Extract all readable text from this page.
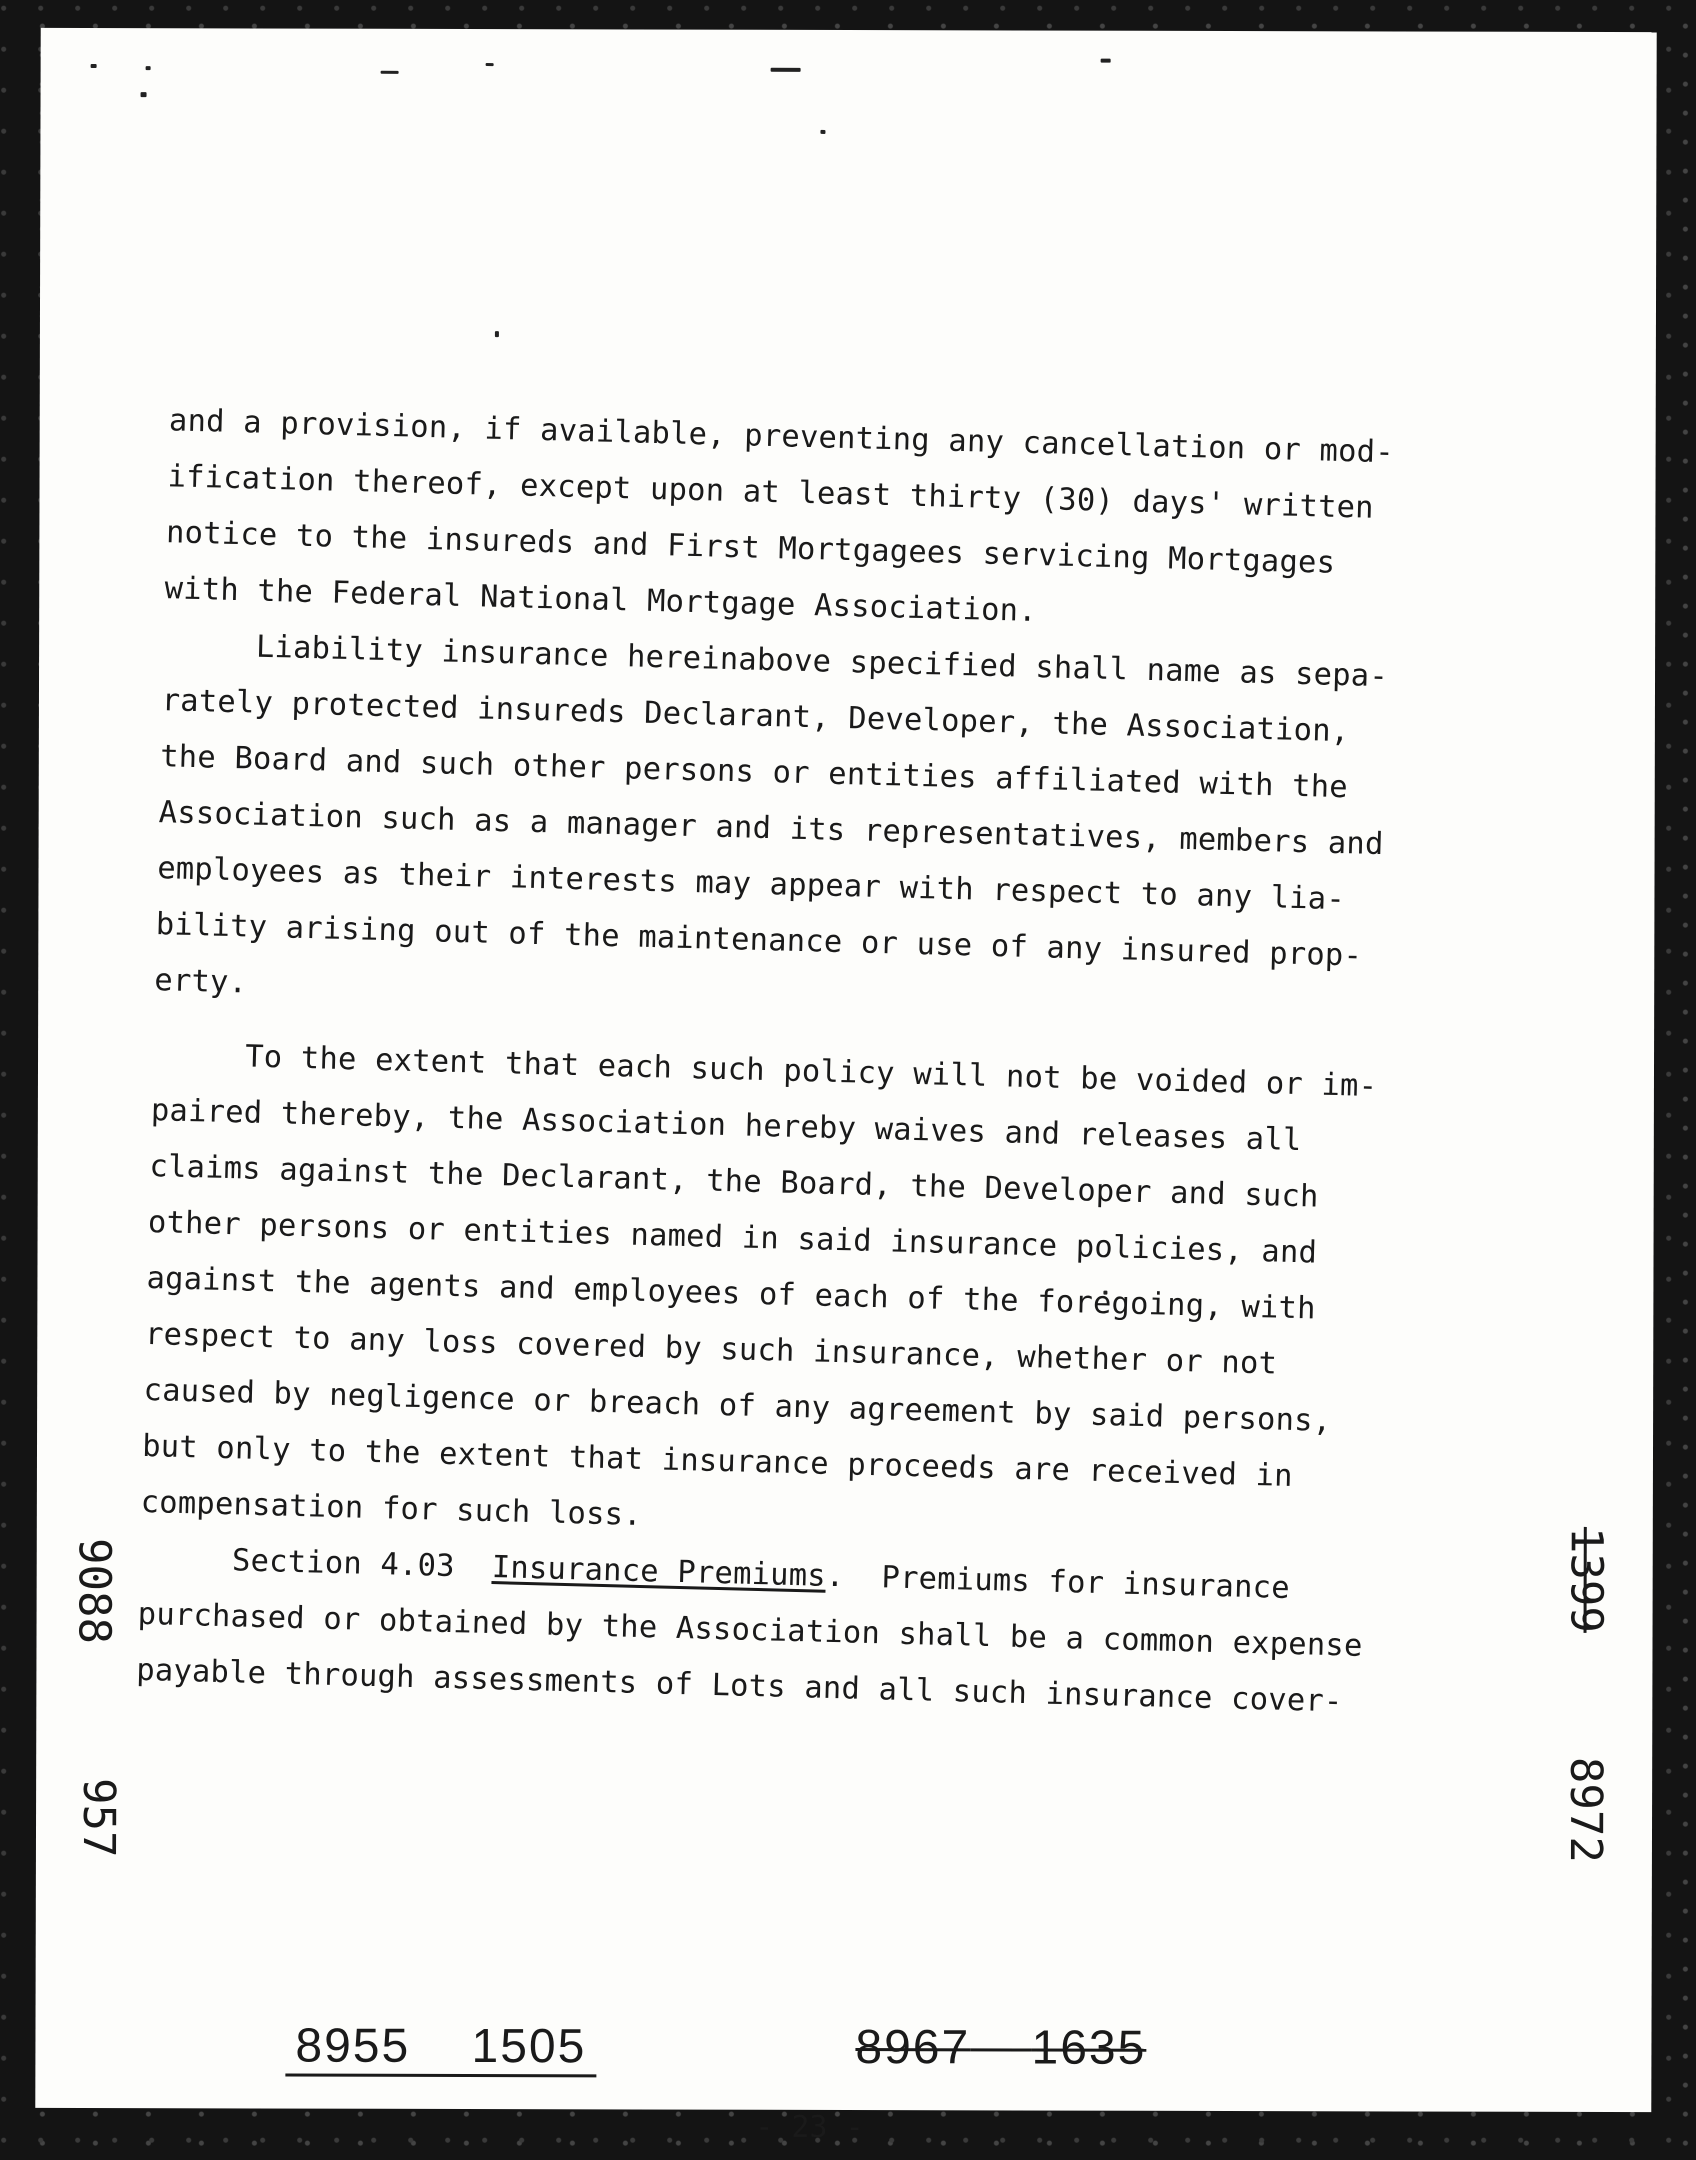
and a provision, if available, preventing any cancellation or mod-
ification thereof, except upon at least thirty (30) days' written
notice to the insureds and First Mortgagees servicing Mortgages
with the Federal National Mortgage Association.
Liability insurance hereinabove specified shall name as sepa-
rately protected insureds Declarant, Developer, the Association,
the Board and such other persons or entities affiliated with the
Association such as a manager and its representatives, members and
employees as their interests may appear with respect to any lia-
bility arising out of the maintenance or use of any insured prop-
erty.
To the extent that each such policy will not be voided or im-
paired thereby, the Association hereby waives and releases all
claims against the Declarant, the Board, the Developer and such
other persons or entities named in said insurance policies, and
against the agents and employees of each of the foregoing, with
respect to any loss covered by such insurance, whether or not
caused by negligence or breach of any agreement by said persons,
but only to the extent that insurance proceeds are received in
compensation for such loss.
Section 4.03  Insurance Premiums.  Premiums for insurance
purchased or obtained by the Association shall be a common expense
payable through assessments of Lots and all such insurance cover-
9088
957
1399
8972
8955 1505	8967 1635
- 23 -
